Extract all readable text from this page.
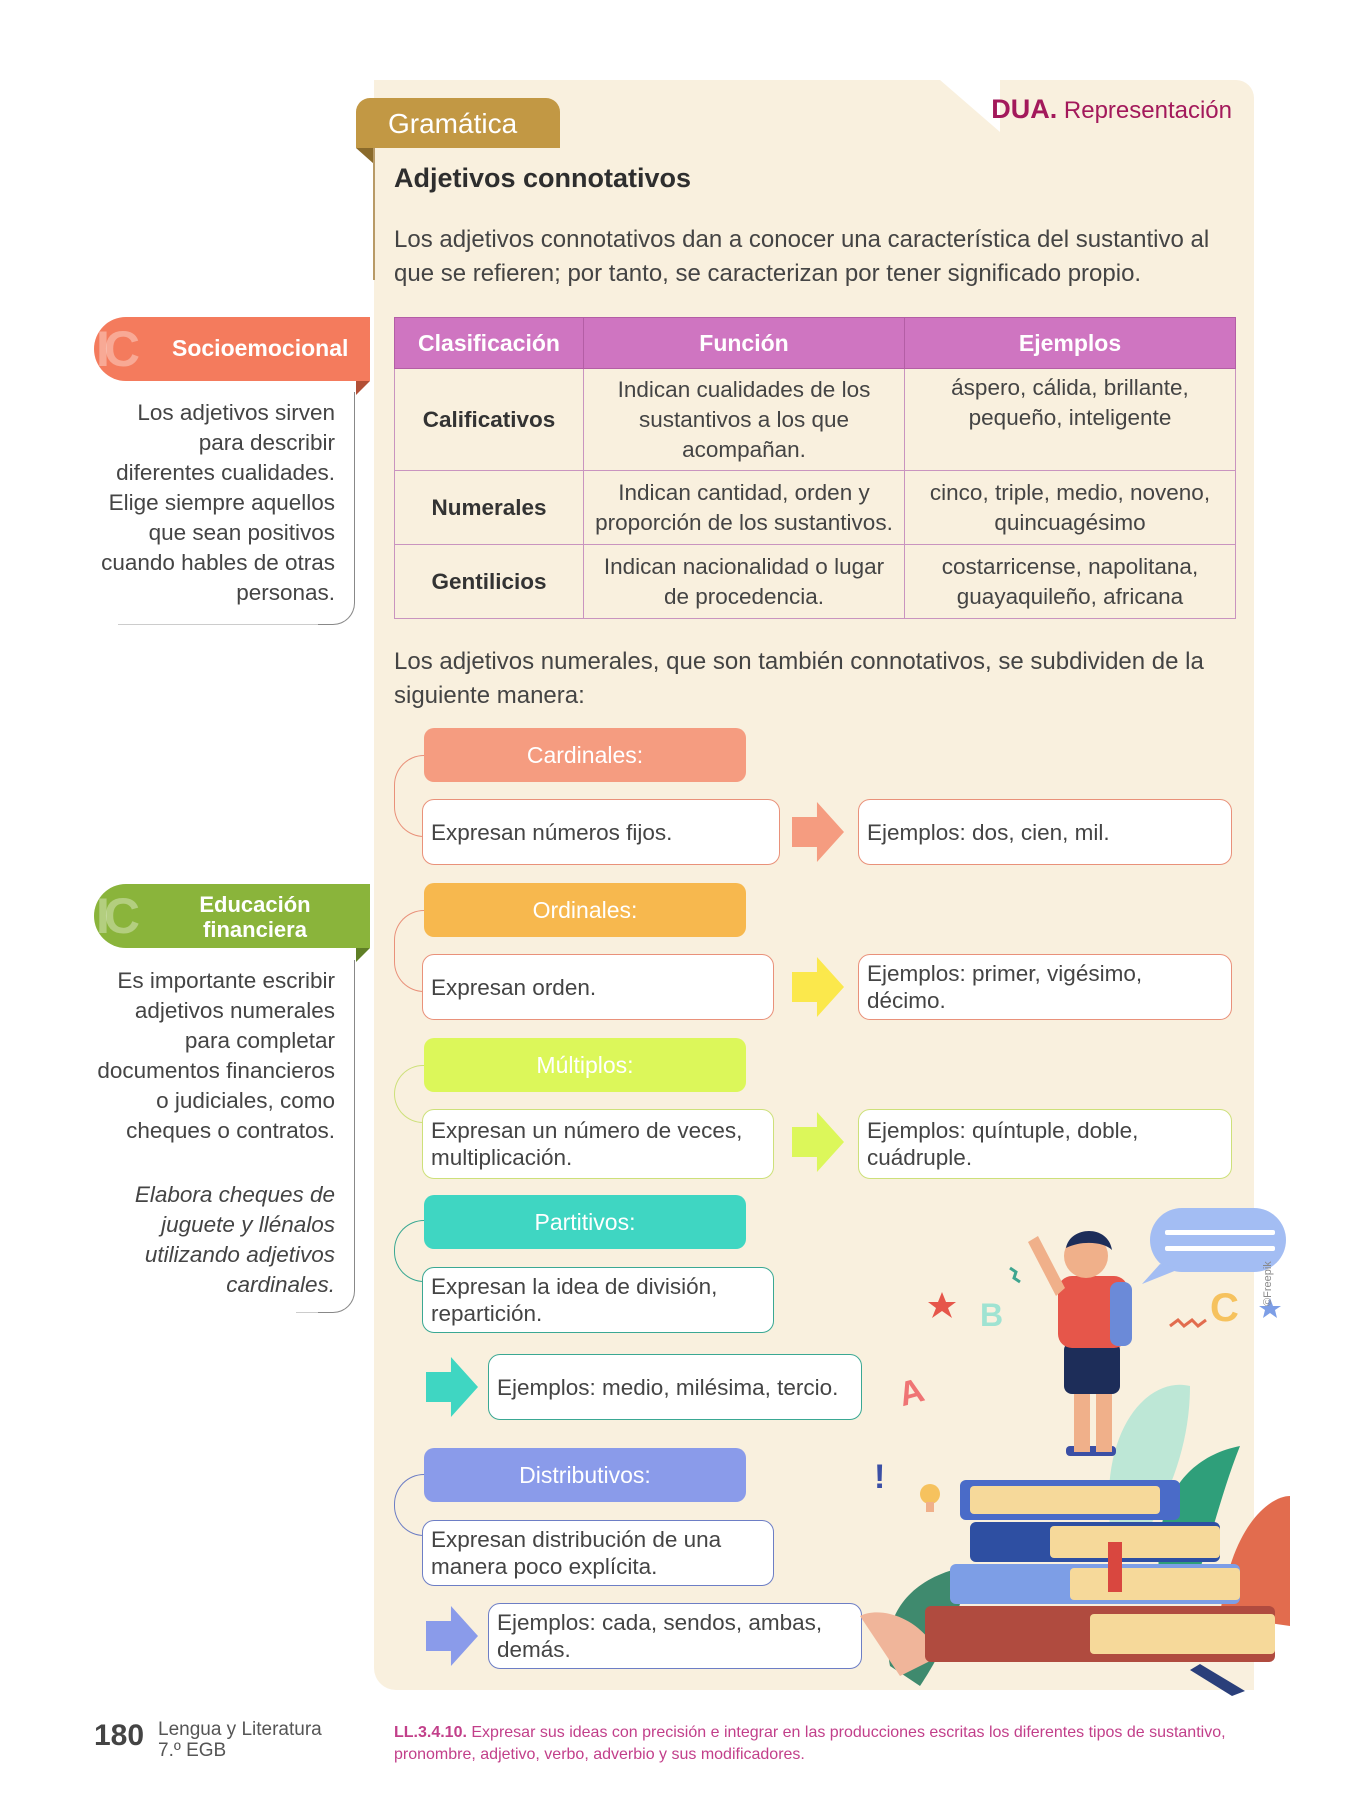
DUA. Representación
Gramática
Adjetivos connotativos
Los adjetivos connotativos dan a conocer una característica del sustantivo al que se refieren; por tanto, se caracterizan por tener significado propio.
Clasificación	Función	Ejemplos
Calificativos	Indican cualidades de los sustantivos a los que acompañan.	áspero, cálida, brillante, pequeño, inteligente
Numerales	Indican cantidad, orden y proporción de los sustantivos.	cinco, triple, medio, noveno, quincuagésimo
Gentilicios	Indican nacionalidad o lugar de procedencia.	costarricense, napolitana, guayaquileño, africana
Los adjetivos numerales, que son también connotativos, se subdividen de la siguiente manera:
Socioemocional
IC
Los adjetivos sirven para describir diferentes cualidades. Elige siempre aquellos que sean positivos cuando hables de otras personas.
Educación financiera
IC
Es importante escribir adjetivos numerales para completar documentos financieros o judiciales, como cheques o contratos.
Elabora cheques de juguete y llénalos utilizando adjetivos cardinales.
Cardinales:
Expresan números fijos.	Ejemplos: dos, cien, mil.
Ordinales:
Expresan orden.
Ejemplos: primer, vigésimo, décimo.
Múltiplos:
Expresan un número de veces, multiplicación.
Ejemplos: quíntuple, doble, cuádruple.
Partitivos:
Expresan la idea de división, repartición.
Ejemplos: medio, milésima, tercio.
Distributivos:
Expresan distribución de una manera poco explícita.
Ejemplos: cada, sendos, ambas, demás.
B
A
C
!
©Freepik
180 Lengua y Literatura
7.º EGB
LL.3.4.10. Expresar sus ideas con precisión e integrar en las producciones escritas los diferentes tipos de sustantivo, pronombre, adjetivo, verbo, adverbio y sus modificadores.
